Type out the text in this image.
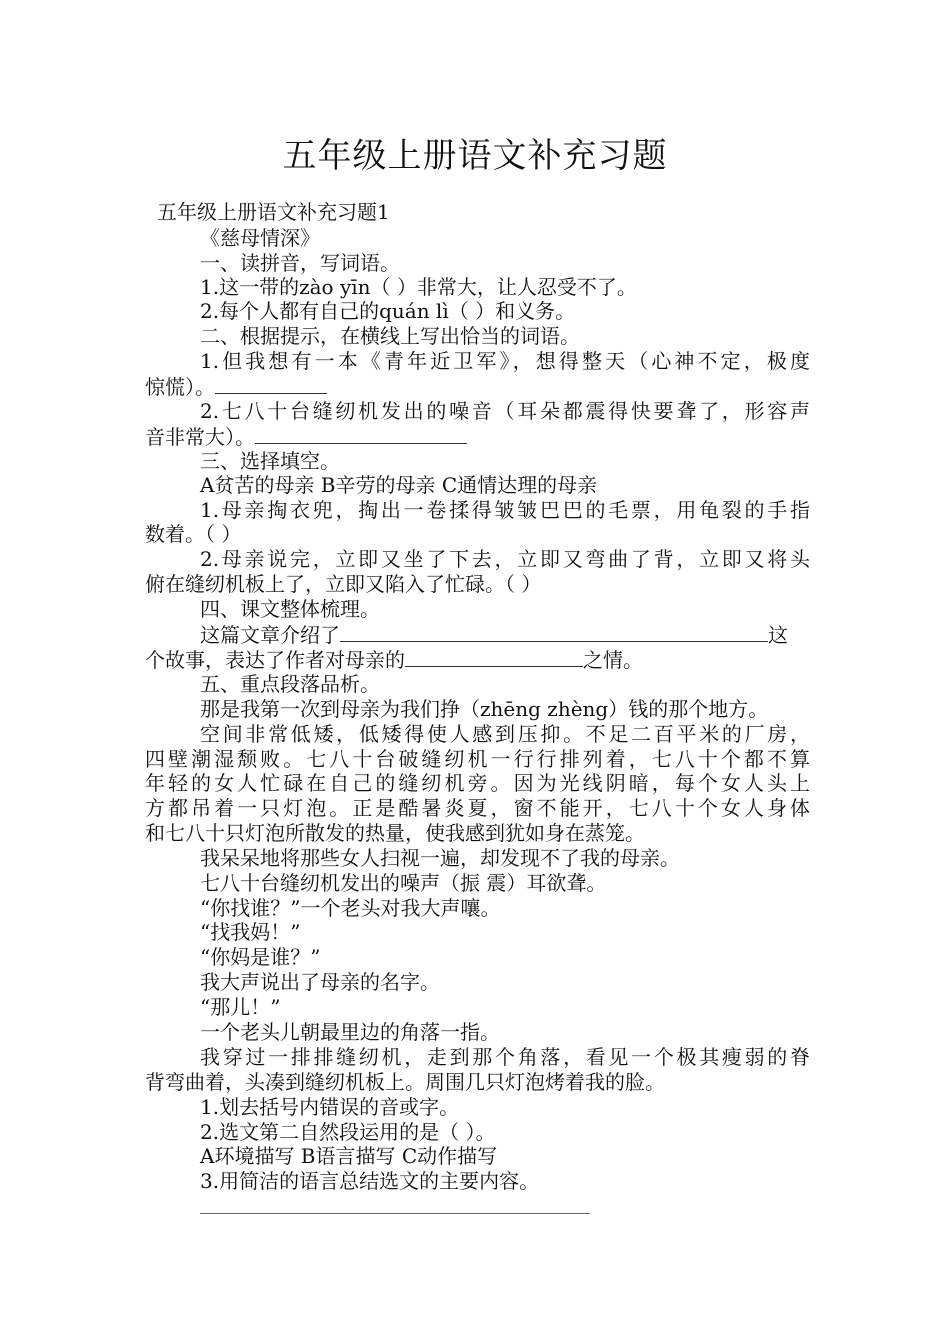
五年级上册语文补充习题
五年级上册语文补充习题1
《慈母情深》
一、读拼音，写词语。
1.这一带的zào yīn（ ）非常大，让人忍受不了。
2.每个人都有自己的quán lì（ ）和义务。
二、根据提示，在横线上写出恰当的词语。
1.但我想有一本《青年近卫军》，想得整天（心神不定，极度
惊慌）。
2.七八十台缝纫机发出的噪音（耳朵都震得快要聋了，形容声
音非常大）。
三、选择填空。
A贫苦的母亲 B辛劳的母亲 C通情达理的母亲
1.母亲掏衣兜，掏出一卷揉得皱皱巴巴的毛票，用龟裂的手指
数着。（ ）
2.母亲说完，立即又坐了下去，立即又弯曲了背，立即又将头
俯在缝纫机板上了，立即又陷入了忙碌。（ ）
四、课文整体梳理。
这篇文章介绍了	这
个故事，表达了作者对母亲的	之情。
五、重点段落品析。
那是我第一次到母亲为我们挣（zhēng zhèng）钱的那个地方。
空间非常低矮，低矮得使人感到压抑。不足二百平米的厂房，
四壁潮湿颓败。七八十台破缝纫机一行行排列着，七八十个都不算
年轻的女人忙碌在自己的缝纫机旁。因为光线阴暗，每个女人头上
方都吊着一只灯泡。正是酷暑炎夏，窗不能开，七八十个女人身体
和七八十只灯泡所散发的热量，使我感到犹如身在蒸笼。
我呆呆地将那些女人扫视一遍，却发现不了我的母亲。
七八十台缝纫机发出的噪声（振 震）耳欲聋。
“你找谁？”一个老头对我大声嚷。
“找我妈！”
“你妈是谁？”
我大声说出了母亲的名字。
“那儿！”
一个老头儿朝最里边的角落一指。
我穿过一排排缝纫机，走到那个角落，看见一个极其瘦弱的脊
背弯曲着，头凑到缝纫机板上。周围几只灯泡烤着我的脸。
1.划去括号内错误的音或字。
2.选文第二自然段运用的是（ ）。
A环境描写 B语言描写 C动作描写
3.用简洁的语言总结选文的主要内容。
